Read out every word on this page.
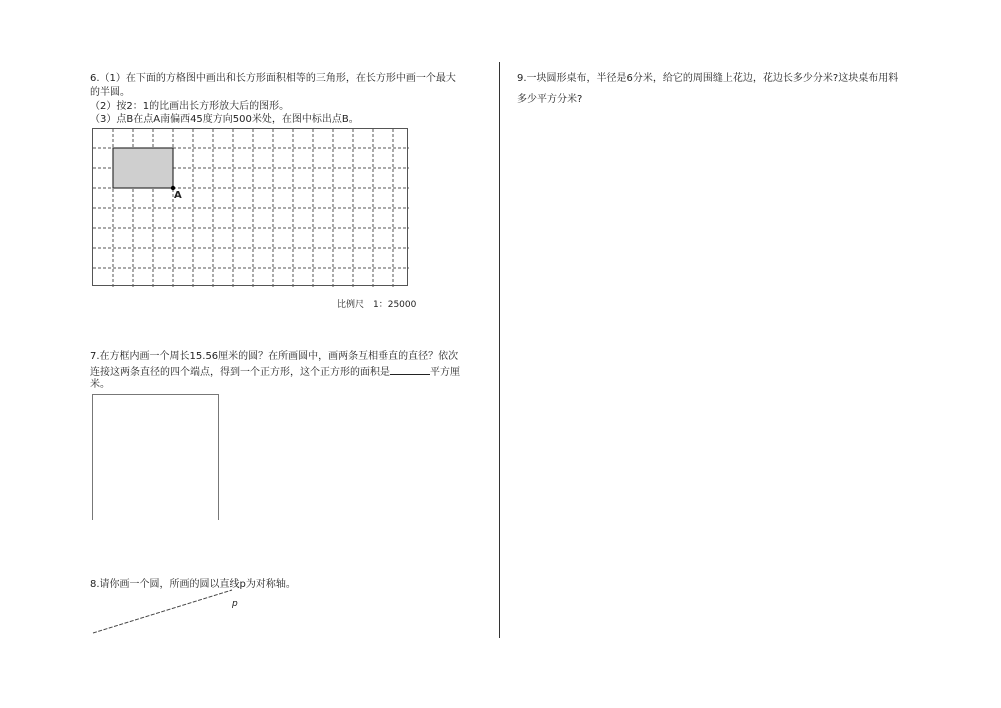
6.（1）在下面的方格图中画出和长方形面积相等的三角形，在长方形中画一个最大
的半圆。
（2）按2：1的比画出长方形放大后的图形。
（3）点B在点A南偏西45度方向500米处，在图中标出点B。
A
比例尺　1：25000
7.在方框内画一个周长15.56厘米的圆？在所画圆中，画两条互相垂直的直径？依次
连接这两条直径的四个端点，得到一个正方形，这个正方形的面积是	平方厘
米。
8.请你画一个圆，所画的圆以直线p为对称轴。
p
9.一块圆形桌布，半径是6分米，给它的周围缝上花边，花边长多少分米?这块桌布用料
多少平方分米?
